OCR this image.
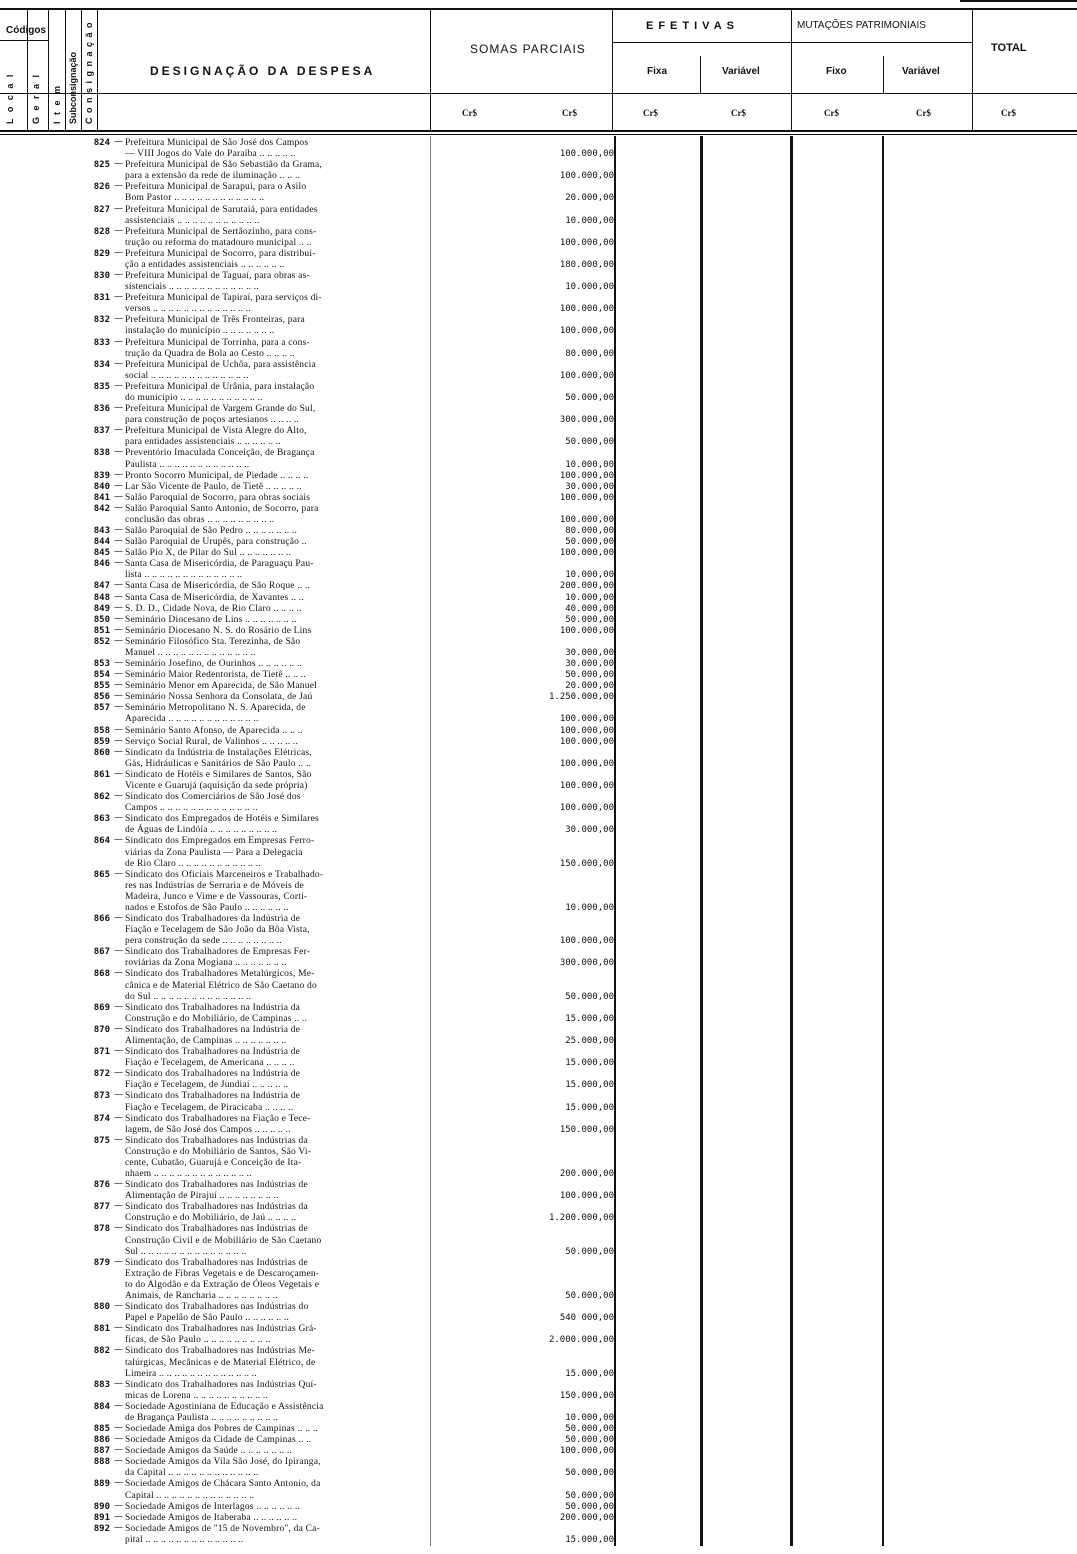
Códigos
L o c a l G e r a l I t e m Subconsignação C o n s i g n a ç ã o	DESIGNAÇÃO DA DESPESA
SOMAS PARCIAIS
EFETIVAS	MUTAÇÕES PATRIMONIAIS
TOTAL
Fixa	Variável	Fixo	Variável
Cr$	Cr$	Cr$	Cr$	Cr$	Cr$	Cr$
824 — Prefeitura Municipal de São José dos Campos
— VIII Jogos do Vale do Paraíba .. .. .. .. ..	100.000,00
825 — Prefeitura Municipal de São Sebastião da Grama,
para a extensão da rede de iluminação .. .. ..	100.000,00
826 — Prefeitura Municipal de Sarapuí, para o Asilo
Bom Pastor .. .. .. .. .. .. .. .. .. .. .. ..	20.000,00
827 — Prefeitura Municipal de Sarutaiá, para entidades
assistenciais .. .. .. .. .. .. .. .. .. .. ..	10.000,00
828 — Prefeitura Municipal de Sertãozinho, para cons-
trução ou reforma do matadouro municipal .. ..	100.000,00
829 — Prefeitura Municipal de Socorro, para distribui-
ção a entidades assistenciais .. .. .. .. .. ..	180.000,00
830 — Prefeitura Municipal de Taguaí, para obras as-
sistenciais .. .. .. .. .. .. .. .. .. .. .. ..	10.000,00
831 — Prefeitura Municipal de Tapiraí, para serviços di-
versos .. .. .. .. .. .. .. .. .. .. .. .. ..	100.000,00
832 — Prefeitura Municipal de Três Fronteiras, para
instalação do município .. .. .. .. .. .. ..	100.000,00
833 — Prefeitura Municipal de Torrinha, para a cons-
trução da Quadra de Bola ao Cesto .. .. .. ..	80.000,00
834 — Prefeitura Municipal de Uchôa, para assistência
social .. .. .. .. .. .. .. .. .. .. .. .. ..	100.000,00
835 — Prefeitura Municipal de Urânia, para instalação
do município .. .. .. .. .. .. .. .. .. .. ..	50.000,00
836 — Prefeitura Municipal de Vargem Grande do Sul,
para construção de poços artesianos .. .. .. ..	300.000,00
837 — Prefeitura Municipal de Vista Alegre do Alto,
para entidades assistenciais .. .. .. .. .. ..	50.000,00
838 — Preventório Imaculada Conceição, de Bragança
Paulista .. .. .. .. .. .. .. .. .. .. .. ..	10.000,00
839 — Pronto Socorro Municipal, de Piedade .. .. .. ..	100.000,00
840 — Lar São Vicente de Paulo, de Tietê .. .. .. .. ..	30.000,00
841 — Salão Paroquial de Socorro, para obras sociais	100.000,00
842 — Salão Paroquial Santo Antonio, de Socorro, para
conclusão das obras .. .. .. .. .. .. .. .. ..	100.000,00
843 — Salão Paroquial de São Pedro .. .. .. .. .. .. ..	80.000,00
844 — Salão Paroquial de Urupês, para construção ..	50.000,00
845 — Salão Pio X, de Pilar do Sul .. .. .. .. .. .. ..	100.000,00
846 — Santa Casa de Misericórdia, de Paraguaçu Pau-
lista .. .. .. .. .. .. .. .. .. .. .. .. ..	10.000,00
847 — Santa Casa de Misericórdia, de São Roque .. ..	200.000,00
848 — Santa Casa de Misericórdia, de Xavantes .. ..	10.000,00
849 — S. D. D., Cidade Nova, de Rio Claro .. .. .. ..	40.000,00
850 — Seminário Diocesano de Lins .. .. .. .. .. .. ..	50.000,00
851 — Seminário Diocesano N. S. do Rosário de Lins	100.000,00
852 — Seminário Filosófico Sta. Terezinha, de São
Manuel .. .. .. .. .. .. .. .. .. .. .. .. ..	30.000,00
853 — Seminário Josefino, de Ourinhos .. .. .. .. .. ..	30.000,00
854 — Seminário Maior Redentorista, de Tietê .. .. ..	50.000,00
855 — Seminário Menor em Aparecida, de São Manuel	20.000,00
856 — Seminário Nossa Senhora da Consolata, de Jaú	1.250.000,00
857 — Seminário Metropolitano N. S. Aparecida, de
Aparecida .. .. .. .. .. .. .. .. .. .. .. ..	100.000,00
858 — Seminário Santo Afonso, de Aparecida .. .. ..	100.000,00
859 — Serviço Social Rural, de Valinhos .. .. .. .. ..	100.000,00
860 — Sindicato da Indústria de Instalações Elétricas,
Gás, Hidráulicas e Sanitários de São Paulo .. ..	100.000,00
861 — Sindicato de Hotéis e Similares de Santos, São
Vicente e Guarujá (aquisição da sede própria)	100.000,00
862 — Sindicato dos Comerciários de São José dos
Campos .. .. .. .. .. .. .. .. .. .. .. .. ..	100.000,00
863 — Sindicato dos Empregados de Hotéis e Similares
de Águas de Lindóia .. .. .. .. .. .. .. .. ..	30.000,00
864 — Sindicato dos Empregados em Empresas Ferro-
viárias da Zona Paulista — Para a Delegacia
de Rio Claro .. .. .. .. .. .. .. .. .. .. ..	150.000,00
865 — Sindicato dos Oficiais Marceneiros e Trabalhado-
res nas Indústrias de Serraria e de Móveis de
Madeira, Junco e Vime e de Vassouras, Corti-
nados e Estofos de São Paulo .. .. .. .. .. ..	10.000,00
866 — Sindicato dos Trabalhadores da Indústria de
Fiação e Tecelagem de São João da Bôa Vista,
pera construção da sede .. .. .. .. .. .. .. ..	100.000,00
867 — Sindicato dos Trabalhadores de Empresas Fer-
roviárias da Zona Mogiana .. .. .. .. .. .. ..	300.000,00
868 — Sindicato dos Trabalhadores Metalúrgicos, Me-
cânica e de Material Elétrico de São Caetano do
do Sul .. .. .. .. .. .. .. .. .. .. .. .. ..	50.000,00
869 — Sindicato dos Trabalhadores na Indústria da
Construção e do Mobiliário, de Campinas .. ..	15.000,00
870 — Sindicato dos Trabalhadores na Indústria de
Alimentação, de Campinas .. .. .. .. .. .. ..	25.000,00
871 — Sindicato dos Trabalhadores na Indústria de
Fiação e Tecelagem, de Americana .. .. .. ..	15.000,00
872 — Sindicato dos Trabalhadores na Indústria de
Fiação e Tecelagem, de Jundiaí .. .. .. .. ..	15.000,00
873 — Sindicato dos Trabalhadores na Indústria de
Fiação e Tecelagem, de Piracicaba .. .. .. ..	15.000,00
874 — Sindicato dos Trabalhadores na Fiação e Tece-
lagem, de São José dos Campos .. .. .. .. ..	150.000,00
875 — Sindicato dos Trabalhadores nas Indústrias da
Construção e do Mobiliário de Santos, São Vi-
cente, Cubatão, Guarujá e Conceição de Ita-
nhaem .. .. .. .. .. .. .. .. .. .. .. .. ..	200.000,00
876 — Sindicato dos Trabalhadores nas Indústrias de
Alimentação de Pirajuí .. .. .. .. .. .. .. ..	100.000,00
877 — Sindicato dos Trabalhadores nas Indústrias da
Construção e do Mobiliário, de Jaú .. .. .. ..	1.200.000,00
878 — Sindicato dos Trabalhadores nas Indústrias de
Construção Civil e de Mobiliário de São Caetano
Sul .. .. .. .. .. .. .. .. .. .. .. .. .. ..	50.000,00
879 — Sindicato dos Trabalhadores nas Indústrias de
Extração de Fibras Vegetais e de Descaroçamen-
to do Algodão e da Extração de Óleos Vegetais e
Animais, de Rancharia .. .. .. .. .. .. .. ..	50.000,00
880 — Sindicato dos Trabalhadores nas Indústrias do
Papel e Papelão de São Paulo .. .. .. .. .. ..	540 000,00
881 — Sindicato dos Trabalhadores nas Indústrias Grá-
ficas, de São Paulo .. .. .. .. .. .. .. .. ..	2.000.000,00
882 — Sindicato dos Trabalhadores nas Indústrias Me-
talúrgicas, Mecânicas e de Material Elétrico, de
Limeira .. .. .. .. .. .. .. .. .. .. .. .. ..	15.000,00
883 — Sindicato dos Trabalhadores nas Indústrias Quí-
micas de Lorena .. .. .. .. .. .. .. .. .. ..	150.000,00
884 — Sociedade Agostiniana de Educação e Assistência
de Bragança Paulista .. .. .. .. .. .. .. .. ..	10.000,00
885 — Sociedade Amiga dos Pobres de Campinas .. .. ..	50.000,00
886 — Sociedade Amigos da Cidade de Campinas .. ..	50.000,00
887 — Sociedade Amigos da Saúde .. .. .. .. .. .. ..	100.000,00
888 — Sociedade Amigos da Vila São José, do Ipiranga,
da Capital .. .. .. .. .. .. .. .. .. .. .. ..	50.000,00
889 — Sociedade Amigos de Chácara Santo Antonio, da
Capital .. .. .. .. .. .. .. .. .. .. .. .. ..	50.000,00
890 — Sociedade Amigos de Interlagos .. .. .. .. .. ..	50.000,00
891 — Sociedade Amigos de Itaberaba .. .. .. .. .. ..	200.000,00
892 — Sociedade Amigos de "15 de Novembro", da Ca-
pital .. .. .. .. .. .. .. .. .. .. .. .. ..	15.000,00
